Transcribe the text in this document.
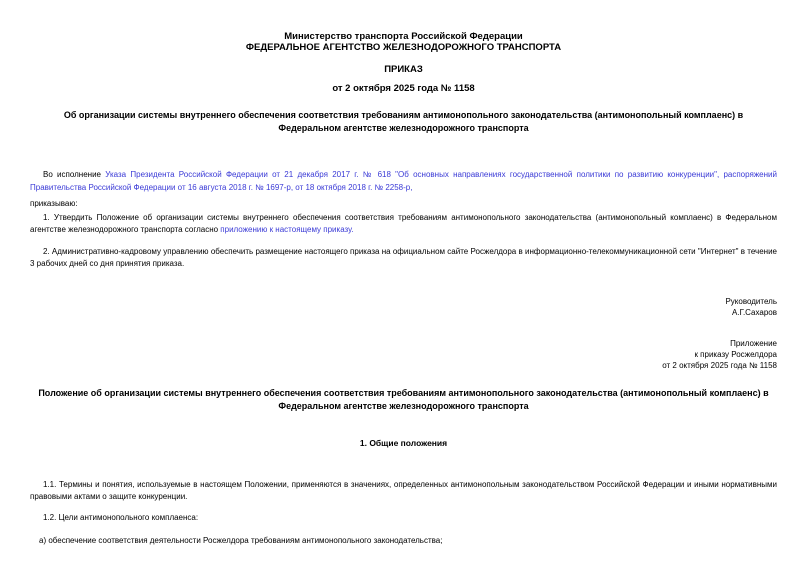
Министерство транспорта Российской Федерации
ФЕДЕРАЛЬНОЕ АГЕНТСТВО ЖЕЛЕЗНОДОРОЖНОГО ТРАНСПОРТА
ПРИКАЗ
от 2 октября 2025 года № 1158
Об организации системы внутреннего обеспечения соответствия требованиям антимонопольного законодательства (антимонопольный комплаенс) в Федеральном агентстве железнодорожного транспорта

Во исполнение Указа Президента Российской Федерации от 21 декабря 2017 г. № 618 "Об основных направлениях государственной политики по развитию конкуренции", распоряжений Правительства Российской Федерации от 16 августа 2018 г. № 1697-р, от 18 октября 2018 г. № 2258-р,

приказываю:

1. Утвердить Положение об организации системы внутреннего обеспечения соответствия требованиям антимонопольного законодательства (антимонопольный комплаенс) в Федеральном агентстве железнодорожного транспорта согласно приложению к настоящему приказу.

2. Административно-кадровому управлению обеспечить размещение настоящего приказа на официальном сайте Росжелдора в информационно-телекоммуникационной сети "Интернет" в течение 3 рабочих дней со дня принятия приказа.

Руководитель
А.Г.Сахаров
Приложение
к приказу Росжелдора
от 2 октября 2025 года № 1158
Положение об организации системы внутреннего обеспечения соответствия требованиям антимонопольного законодательства (антимонопольный комплаенс) в Федеральном агентстве железнодорожного транспорта
1. Общие положения

1.1. Термины и понятия, используемые в настоящем Положении, применяются в значениях, определенных антимонопольным законодательством Российской Федерации и иными нормативными правовыми актами о защите конкуренции.

1.2. Цели антимонопольного комплаенса:

а) обеспечение соответствия деятельности Росжелдора требованиям антимонопольного законодательства;
